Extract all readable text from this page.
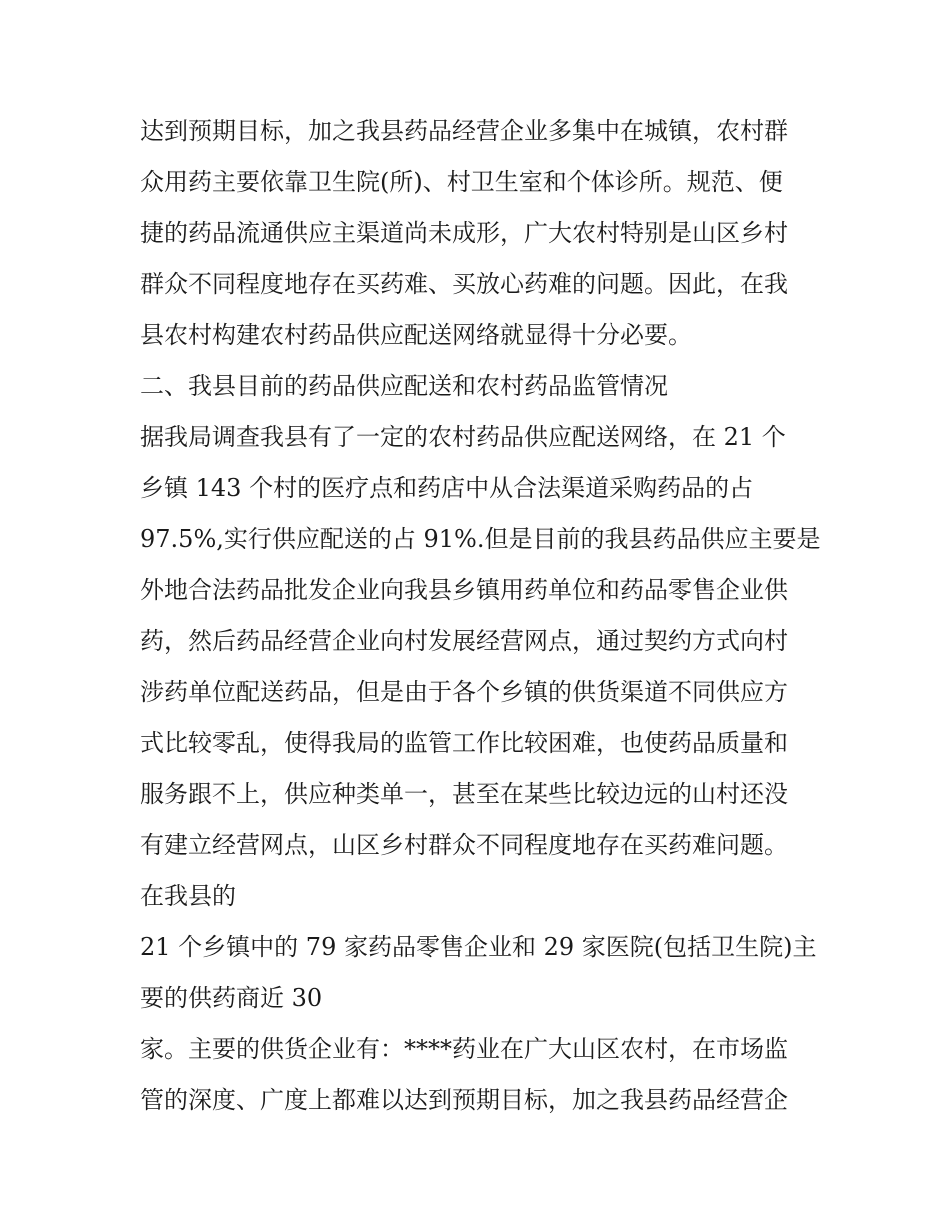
达到预期目标，加之我县药品经营企业多集中在城镇，农村群
众用药主要依靠卫生院(所)、村卫生室和个体诊所。规范、便
捷的药品流通供应主渠道尚未成形，广大农村特别是山区乡村
群众不同程度地存在买药难、买放心药难的问题。因此，在我
县农村构建农村药品供应配送网络就显得十分必要。
二、我县目前的药品供应配送和农村药品监管情况
据我局调查我县有了一定的农村药品供应配送网络，在 21 个
乡镇 143 个村的医疗点和药店中从合法渠道采购药品的占
97.5%,实行供应配送的占 91%.但是目前的我县药品供应主要是
外地合法药品批发企业向我县乡镇用药单位和药品零售企业供
药，然后药品经营企业向村发展经营网点，通过契约方式向村
涉药单位配送药品，但是由于各个乡镇的供货渠道不同供应方
式比较零乱，使得我局的监管工作比较困难，也使药品质量和
服务跟不上，供应种类单一，甚至在某些比较边远的山村还没
有建立经营网点，山区乡村群众不同程度地存在买药难问题。
在我县的
21 个乡镇中的 79 家药品零售企业和 29 家医院(包括卫生院)主
要的供药商近 30
家。主要的供货企业有：****药业在广大山区农村，在市场监
管的深度、广度上都难以达到预期目标，加之我县药品经营企
